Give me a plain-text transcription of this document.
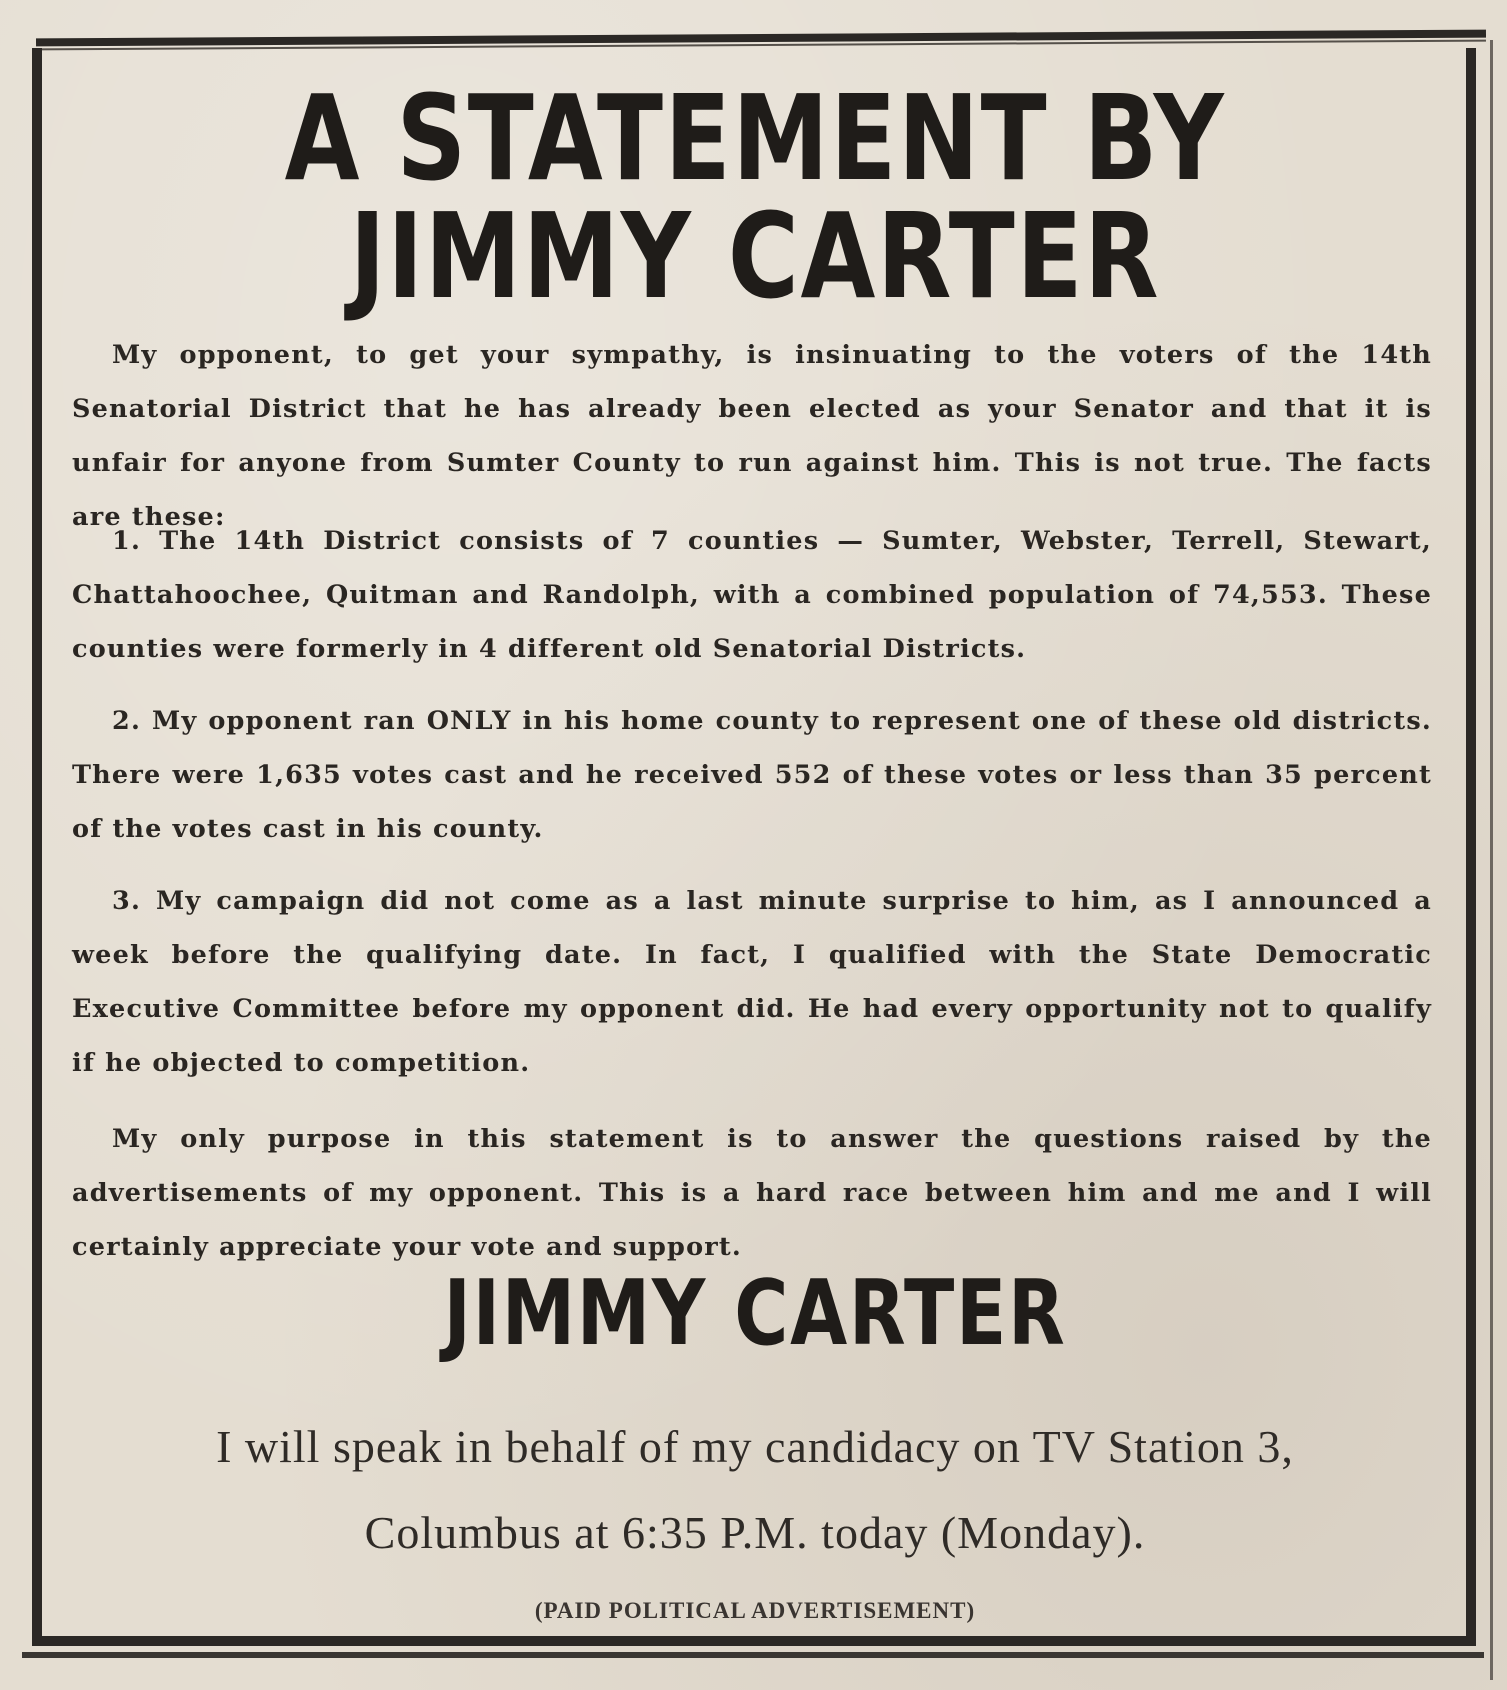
A STATEMENT BY
JIMMY CARTER
My opponent, to get your sympathy, is insinuating to the voters of the 14th Senatorial District that he has already been elected as your Senator and that it is unfair for anyone from Sumter County to run against him. This is not true. The facts are these:
1. The 14th District consists of 7 counties — Sumter, Webster, Terrell, Stewart, Chattahoochee, Quitman and Randolph, with a combined population of 74,553. These counties were formerly in 4 different old Senatorial Districts.
2. My opponent ran ONLY in his home county to represent one of these old districts. There were 1,635 votes cast and he received 552 of these votes or less than 35 percent of the votes cast in his county.
3. My campaign did not come as a last minute surprise to him, as I announced a week before the qualifying date. In fact, I qualified with the State Democratic Executive Committee before my opponent did. He had every opportunity not to qualify if he objected to competition.
My only purpose in this statement is to answer the questions raised by the advertisements of my opponent. This is a hard race between him and me and I will certainly appreciate your vote and support.
JIMMY CARTER
I will speak in behalf of my candidacy on TV Station 3,
Columbus at 6:35 P.M. today (Monday).
(PAID POLITICAL ADVERTISEMENT)
